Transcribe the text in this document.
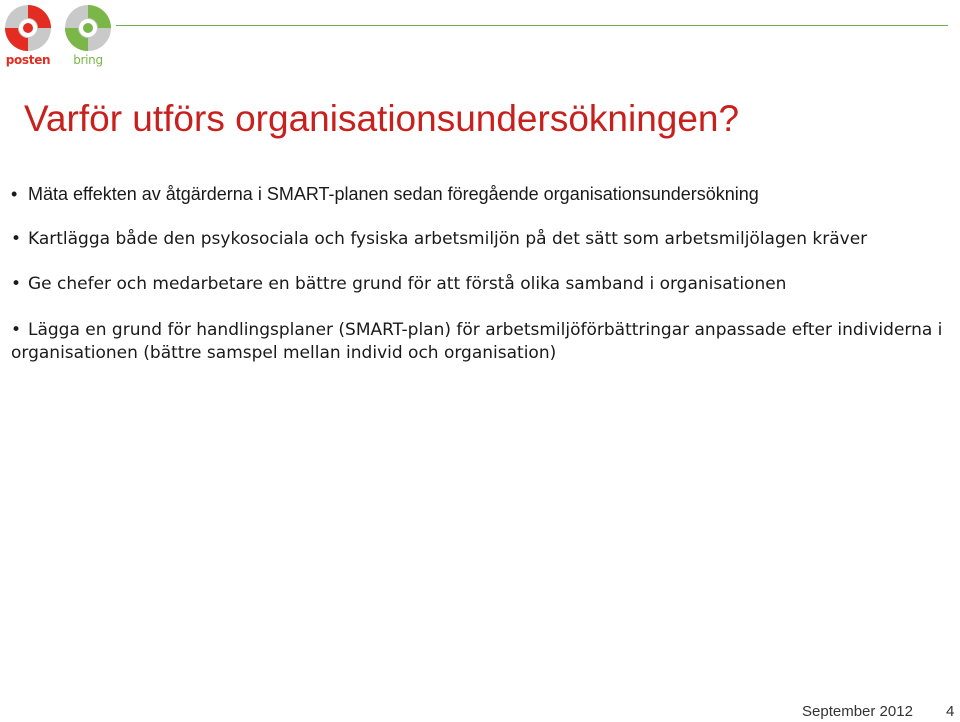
posten	bring
Varför utförs organisationsundersökningen?
• Mäta effekten av åtgärderna i SMART-planen sedan föregående organisationsundersökning
• Kartlägga både den psykosociala och fysiska arbetsmiljön på det sätt som arbetsmiljölagen kräver
• Ge chefer och medarbetare en bättre grund för att förstå olika samband i organisationen
• Lägga en grund för handlingsplaner (SMART-plan) för arbetsmiljöförbättringar anpassade efter individerna i organisationen (bättre samspel mellan individ och organisation)
September 2012 4
